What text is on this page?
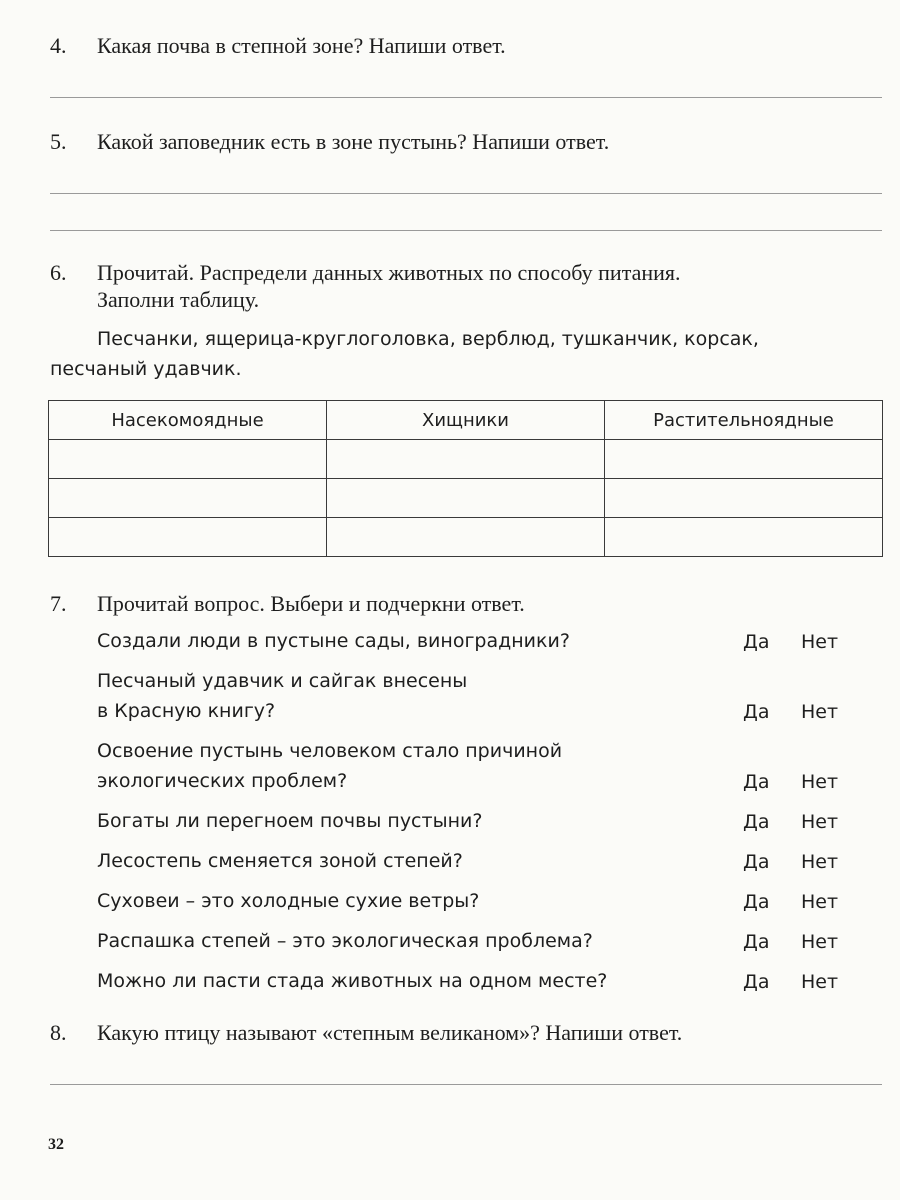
4. Какая почва в степной зоне? Напиши ответ.
5. Какой заповедник есть в зоне пустынь? Напиши ответ.
6. Прочитай. Распредели данных животных по способу питания.
Заполни таблицу.
Песчанки, ящерица-круглоголовка, верблюд, тушканчик, корсак,
песчаный удавчик.
Насекомоядные	Хищники	Растительноядные

7. Прочитай вопрос. Выбери и подчеркни ответ.
Создали люди в пустыне сады, виноградники?	Да Нет
Песчаный удавчик и сайгак внесены
в Красную книгу?	Да Нет
Освоение пустынь человеком стало причиной
экологических проблем?	Да Нет
Богаты ли перегноем почвы пустыни?	Да Нет
Лесостепь сменяется зоной степей?	Да Нет
Суховеи – это холодные сухие ветры?	Да Нет
Распашка степей – это экологическая проблема?	Да Нет
Можно ли пасти стада животных на одном месте?	Да Нет
8. Какую птицу называют «степным великаном»? Напиши ответ.
32
